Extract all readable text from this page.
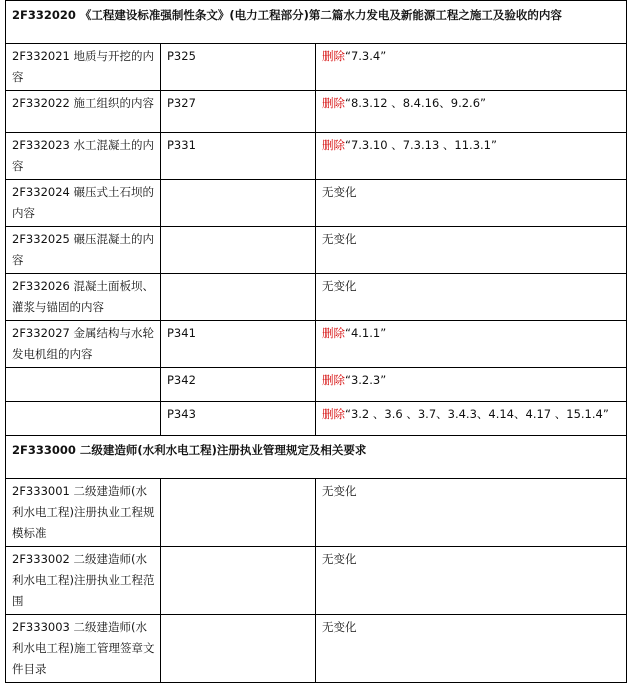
2F332020 《工程建设标准强制性条文》(电力工程部分)第二篇水力发电及新能源工程之施工及验收的内容		
2F332021 地质与开挖的内容	P325	删除“7.3.4”
2F332022 施工组织的内容	P327	删除“8.3.12 、8.4.16、9.2.6”
2F332023 水工混凝土的内容	P331	删除“7.3.10 、7.3.13 、11.3.1”
2F332024 碾压式土石坝的内容		无变化
2F332025 碾压混凝土的内容		无变化
2F332026 混凝土面板坝、灌浆与锚固的内容		无变化
2F332027 金属结构与水轮发电机组的内容	P341	删除“4.1.1”
	P342	删除“3.2.3”
	P343	删除“3.2 、3.6 、3.7、3.4.3、4.14、4.17 、15.1.4”
2F333000 二级建造师(水利水电工程)注册执业管理规定及相关要求		
2F333001 二级建造师(水利水电工程)注册执业工程规模标准		无变化
2F333002 二级建造师(水利水电工程)注册执业工程范围		无变化
2F333003 二级建造师(水利水电工程)施工管理签章文件目录		无变化
